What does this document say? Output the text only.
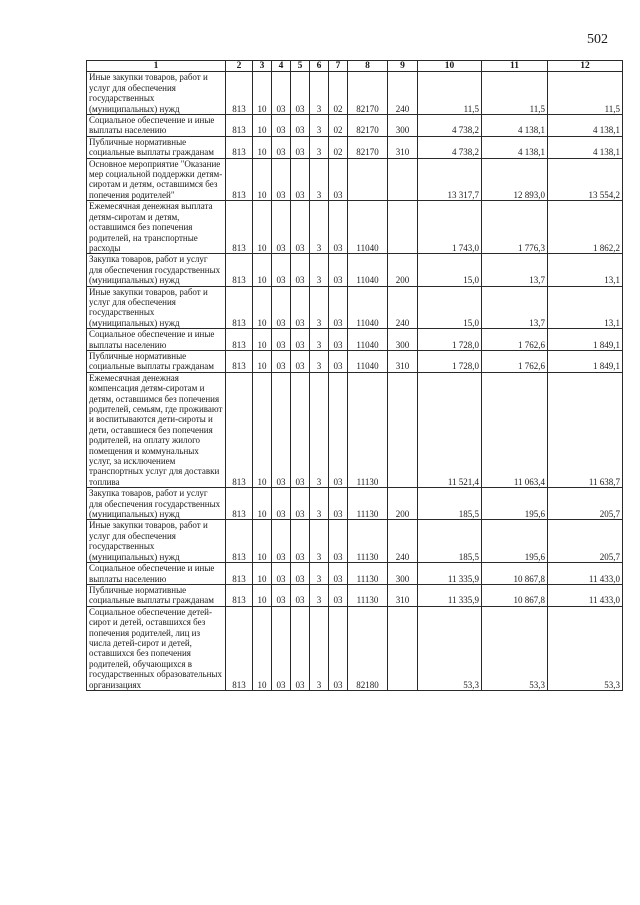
502
1	2	3	4	5	6	7	8	9	10	11	12
Иные закупки товаров, работ и услуг для обеспечения государственных (муниципальных) нужд	813	10	03	03	3	02	82170	240	11,5	11,5	11,5
Социальное обеспечение и иные выплаты населению	813	10	03	03	3	02	82170	300	4 738,2	4 138,1	4 138,1
Публичные нормативные социальные выплаты гражданам	813	10	03	03	3	02	82170	310	4 738,2	4 138,1	4 138,1
Основное мероприятие "Оказание мер социальной поддержки детям-сиротам и детям, оставшимся без попечения родителей"	813	10	03	03	3	03			13 317,7	12 893,0	13 554,2
Ежемесячная денежная выплата детям-сиротам и детям, оставшимся без попечения родителей, на транспортные расходы	813	10	03	03	3	03	11040		1 743,0	1 776,3	1 862,2
Закупка товаров, работ и услуг для обеспечения государственных (муниципальных) нужд	813	10	03	03	3	03	11040	200	15,0	13,7	13,1
Иные закупки товаров, работ и услуг для обеспечения государственных (муниципальных) нужд	813	10	03	03	3	03	11040	240	15,0	13,7	13,1
Социальное обеспечение и иные выплаты населению	813	10	03	03	3	03	11040	300	1 728,0	1 762,6	1 849,1
Публичные нормативные социальные выплаты гражданам	813	10	03	03	3	03	11040	310	1 728,0	1 762,6	1 849,1
Ежемесячная денежная компенсация детям-сиротам и детям, оставшимся без попечения родителей, семьям, где проживают и воспитываются дети-сироты и дети, оставшиеся без попечения родителей, на оплату жилого помещения и коммунальных услуг, за исключением транспортных услуг для доставки топлива	813	10	03	03	3	03	11130		11 521,4	11 063,4	11 638,7
Закупка товаров, работ и услуг для обеспечения государственных (муниципальных) нужд	813	10	03	03	3	03	11130	200	185,5	195,6	205,7
Иные закупки товаров, работ и услуг для обеспечения государственных (муниципальных) нужд	813	10	03	03	3	03	11130	240	185,5	195,6	205,7
Социальное обеспечение и иные выплаты населению	813	10	03	03	3	03	11130	300	11 335,9	10 867,8	11 433,0
Публичные нормативные социальные выплаты гражданам	813	10	03	03	3	03	11130	310	11 335,9	10 867,8	11 433,0
Социальное обеспечение детей-сирот и детей, оставшихся без попечения родителей, лиц из числа детей-сирот и детей, оставшихся без попечения родителей, обучающихся в государственных образовательных организациях	813	10	03	03	3	03	82180		53,3	53,3	53,3
